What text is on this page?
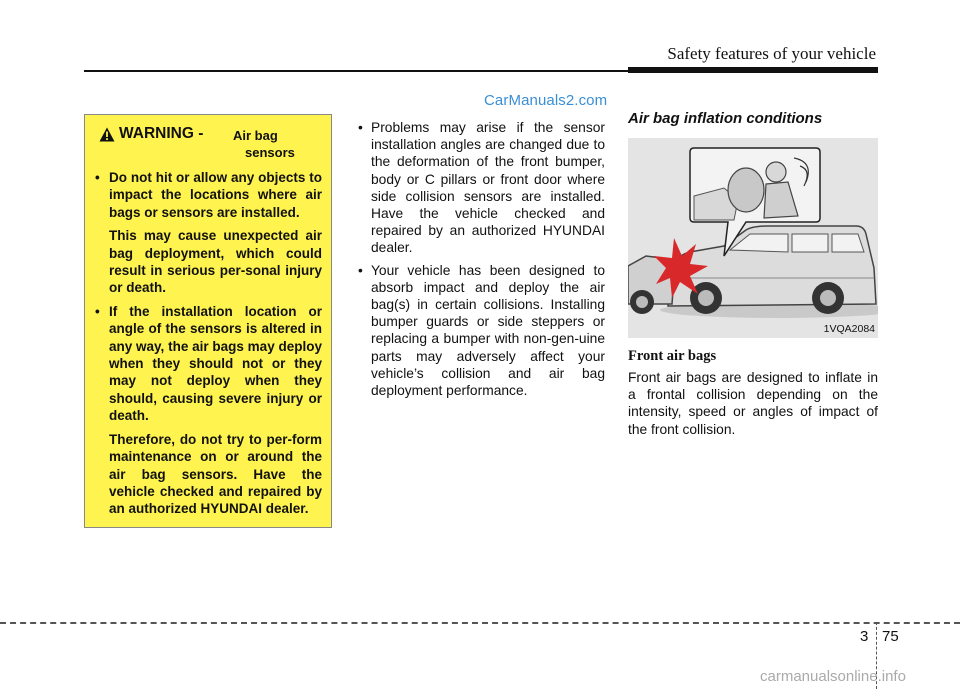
Safety features of your vehicle
CarManuals2.com
WARNING - Air bag
sensors
• Do not hit or allow any objects to impact the locations where air bags or sensors are installed.

This may cause unexpected air bag deployment, which could result in serious per-sonal injury or death.

• If the installation location or angle of the sensors is altered in any way, the air bags may deploy when they should not or they may not deploy when they should, causing severe injury or death.

Therefore, do not try to per-form maintenance on or around the air bag sensors. Have the vehicle checked and repaired by an authorized HYUNDAI dealer.

• Problems may arise if the sensor installation angles are changed due to the deformation of the front bumper, body or C pillars or front door where side collision sensors are installed. Have the vehicle checked and repaired by an authorized HYUNDAI dealer.
• Your vehicle has been designed to absorb impact and deploy the air bag(s) in certain collisions. Installing bumper guards or side steppers or replacing a bumper with non-gen-uine parts may adversely affect your vehicle’s collision and air bag deployment performance.
Air bag inflation conditions
1VQA2084
Front air bags

Front air bags are designed to inflate in a frontal collision depending on the intensity, speed or angles of impact of the front collision.

3 75
carmanualsonline.info
